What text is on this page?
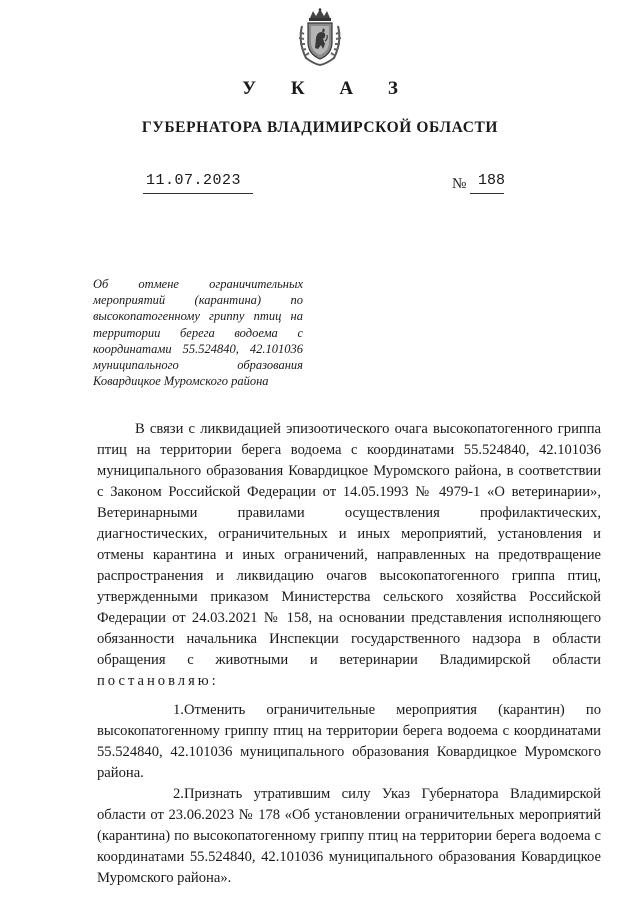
У К А З
ГУБЕРНАТОРА ВЛАДИМИРСКОЙ ОБЛАСТИ
11.07.2023	№ 188
Об отмене ограничительных мероприятий (карантина) по высокопатогенному гриппу птиц на территории берега водоема с координатами 55.524840, 42.101036 муниципального образования Ковардицкое Муромского района

В связи с ликвидацией эпизоотического очага высокопатогенного гриппа птиц на территории берега водоема с координатами 55.524840, 42.101036 муниципального образования Ковардицкое Муромского района, в соответствии с Законом Российской Федерации от 14.05.1993 № 4979-1 «О ветеринарии», Ветеринарными правилами осуществления профилактических, диагностических, ограничительных и иных мероприятий, установления и отмены карантина и иных ограничений, направленных на предотвращение распространения и ликвидацию очагов высокопатогенного гриппа птиц, утвержденными приказом Министерства сельского хозяйства Российской Федерации от 24.03.2021 № 158, на основании представления исполняющего обязанности начальника Инспекции государственного надзора в области обращения с животными и ветеринарии Владимирской области постановляю:

1.Отменить ограничительные мероприятия (карантин) по высокопатогенному гриппу птиц на территории берега водоема с координатами 55.524840, 42.101036 муниципального образования Ковардицкое Муромского района.

2.Признать утратившим силу Указ Губернатора Владимирской области от 23.06.2023 № 178 «Об установлении ограничительных мероприятий (карантина) по высокопатогенному гриппу птиц на территории берега водоема с координатами 55.524840, 42.101036 муниципального образования Ковардицкое Муромского района».
